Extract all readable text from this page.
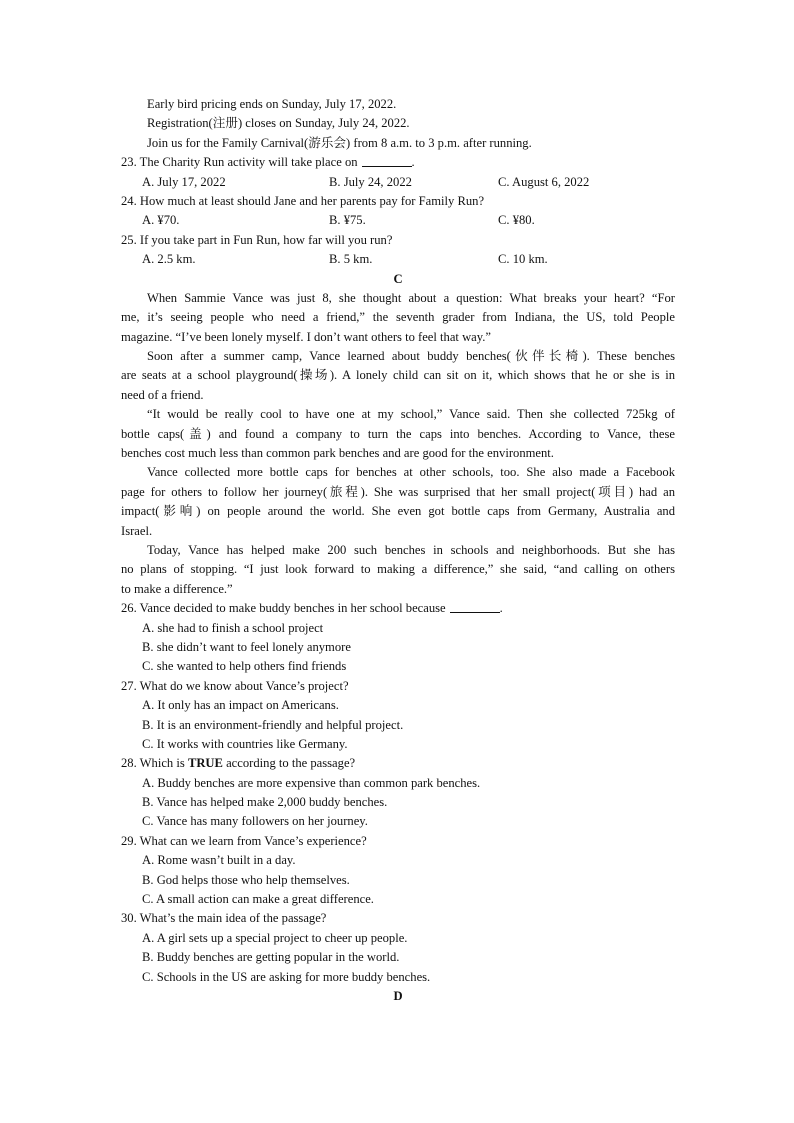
Early bird pricing ends on Sunday, July 17, 2022.
Registration(注册) closes on Sunday, July 24, 2022.
Join us for the Family Carnival(游乐会) from 8 a.m. to 3 p.m. after running.
23. The Charity Run activity will take place on	.
A. July 17, 2022	B. July 24, 2022	C. August 6, 2022
24. How much at least should Jane and her parents pay for Family Run?
A. ¥70.	B. ¥75.	C. ¥80.
25. If you take part in Fun Run, how far will you run?
A. 2.5 km.	B. 5 km.	C. 10 km.
C
When Sammie Vance was just 8, she thought about a question: What breaks your heart? “For
me, it’s seeing people who need a friend,” the seventh grader from Indiana, the US, told People
magazine. “I’ve been lonely myself. I don’t want others to feel that way.”
Soon after a summer camp, Vance learned about buddy benches(伙伴长椅). These benches
are seats at a school playground(操场). A lonely child can sit on it, which shows that he or she is in
need of a friend.
“It would be really cool to have one at my school,” Vance said. Then she collected 725kg of
bottle caps(盖) and found a company to turn the caps into benches. According to Vance, these
benches cost much less than common park benches and are good for the environment.
Vance collected more bottle caps for benches at other schools, too. She also made a Facebook
page for others to follow her journey(旅程). She was surprised that her small project(项目) had an
impact(影响) on people around the world. She even got bottle caps from Germany, Australia and
Israel.
Today, Vance has helped make 200 such benches in schools and neighborhoods. But she has
no plans of stopping. “I just look forward to making a difference,” she said, “and calling on others
to make a difference.”
26. Vance decided to make buddy benches in her school because	.
A. she had to finish a school project
B. she didn’t want to feel lonely anymore
C. she wanted to help others find friends
27. What do we know about Vance’s project?
A. It only has an impact on Americans.
B. It is an environment-friendly and helpful project.
C. It works with countries like Germany.
28. Which is TRUE according to the passage?
A. Buddy benches are more expensive than common park benches.
B. Vance has helped make 2,000 buddy benches.
C. Vance has many followers on her journey.
29. What can we learn from Vance’s experience?
A. Rome wasn’t built in a day.
B. God helps those who help themselves.
C. A small action can make a great difference.
30. What’s the main idea of the passage?
A. A girl sets up a special project to cheer up people.
B. Buddy benches are getting popular in the world.
C. Schools in the US are asking for more buddy benches.
D
